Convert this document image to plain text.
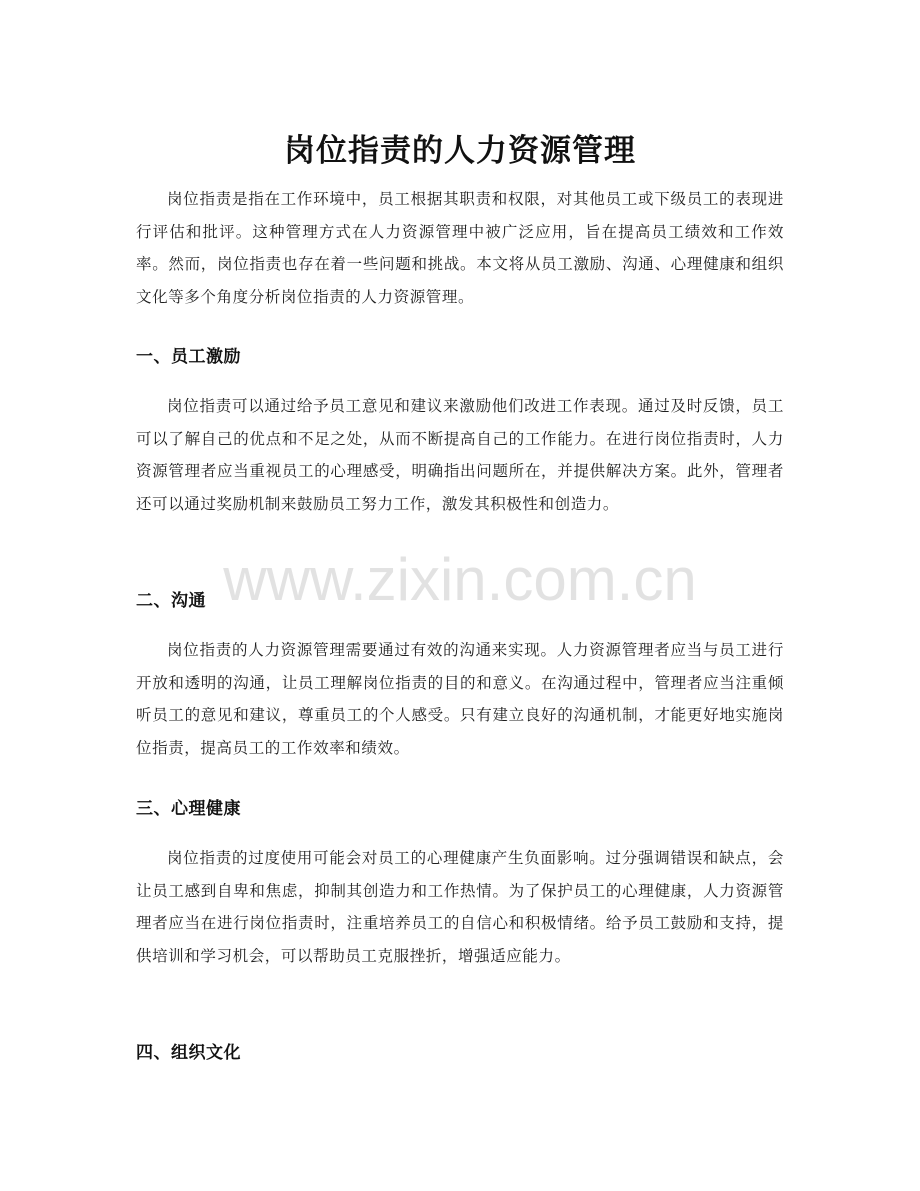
岗位指责的人力资源管理

岗位指责是指在工作环境中，员工根据其职责和权限，对其他员工或下级员工的表现进行评估和批评。这种管理方式在人力资源管理中被广泛应用，旨在提高员工绩效和工作效率。然而，岗位指责也存在着一些问题和挑战。本文将从员工激励、沟通、心理健康和组织文化等多个角度分析岗位指责的人力资源管理。

一、员工激励

岗位指责可以通过给予员工意见和建议来激励他们改进工作表现。通过及时反馈，员工可以了解自己的优点和不足之处，从而不断提高自己的工作能力。在进行岗位指责时，人力资源管理者应当重视员工的心理感受，明确指出问题所在，并提供解决方案。此外，管理者还可以通过奖励机制来鼓励员工努力工作，激发其积极性和创造力。

二、沟通

岗位指责的人力资源管理需要通过有效的沟通来实现。人力资源管理者应当与员工进行开放和透明的沟通，让员工理解岗位指责的目的和意义。在沟通过程中，管理者应当注重倾听员工的意见和建议，尊重员工的个人感受。只有建立良好的沟通机制，才能更好地实施岗位指责，提高员工的工作效率和绩效。

三、心理健康

岗位指责的过度使用可能会对员工的心理健康产生负面影响。过分强调错误和缺点，会让员工感到自卑和焦虑，抑制其创造力和工作热情。为了保护员工的心理健康，人力资源管理者应当在进行岗位指责时，注重培养员工的自信心和积极情绪。给予员工鼓励和支持，提供培训和学习机会，可以帮助员工克服挫折，增强适应能力。

四、组织文化
www.zixin.com.cn
